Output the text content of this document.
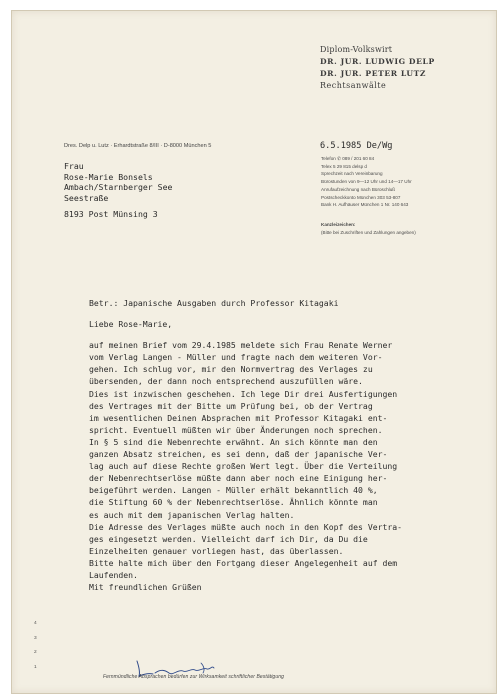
Diplom-Volkswirt
DR. JUR. LUDWIG DELP
DR. JUR. PETER LUTZ
Rechtsanwälte
Dres. Delp u. Lutz · Erhardtstraße 8/III · D-8000 München 5	6.5.1985 De/Wg
Telefon ✆ 089 / 201 60 84
Telex 5 29 815 delsp d
Sprechzeit nach Vereinbarung
Bürostunden von 9—12 Uhr und 14—17 Uhr
Anrufaufzeichnung nach Büroschluß
Postscheckkonto München 303 53-807
Bank H. Aufhäuser München 1 Nr. 140 643
Kanzleizeichen:
(Bitte bei Zuschriften und Zahlungen angeben)
Frau
Rose-Marie Bonsels
Ambach/Starnberger See
Seestraße
8193 Post Münsing 3
Betr.: Japanische Ausgaben durch Professor Kitagaki
Liebe Rose-Marie,
auf meinen Brief vom 29.4.1985 meldete sich Frau Renate Werner
vom Verlag Langen - Müller und fragte nach dem weiteren Vor-
gehen. Ich schlug vor, mir den Normvertrag des Verlages zu
übersenden, der dann noch entsprechend auszufüllen wäre.
Dies ist inzwischen geschehen. Ich lege Dir drei Ausfertigungen
des Vertrages mit der Bitte um Prüfung bei, ob der Vertrag
im wesentlichen Deinen Absprachen mit Professor Kitagaki ent-
spricht. Eventuell müßten wir über Änderungen noch sprechen.
In § 5 sind die Nebenrechte erwähnt. An sich könnte man den
ganzen Absatz streichen, es sei denn, daß der japanische Ver-
lag auch auf diese Rechte großen Wert legt. Über die Verteilung
der Nebenrechtserlöse müßte dann aber noch eine Einigung her-
beigeführt werden. Langen - Müller erhält bekanntlich 40 %,
die Stiftung 60 % der Nebenrechtserlöse. Ähnlich könnte man
es auch mit dem japanischen Verlag halten.
Die Adresse des Verlages müßte auch noch in den Kopf des Vertra-
ges eingesetzt werden. Vielleicht darf ich Dir, da Du die
Einzelheiten genauer vorliegen hast, das überlassen.
Bitte halte mich über den Fortgang dieser Angelegenheit auf dem
Laufenden.
Mit freundlichen Grüßen
Fernmündliche Absprachen bedürfen zur Wirksamkeit schriftlicher Bestätigung
4
3
2
1
